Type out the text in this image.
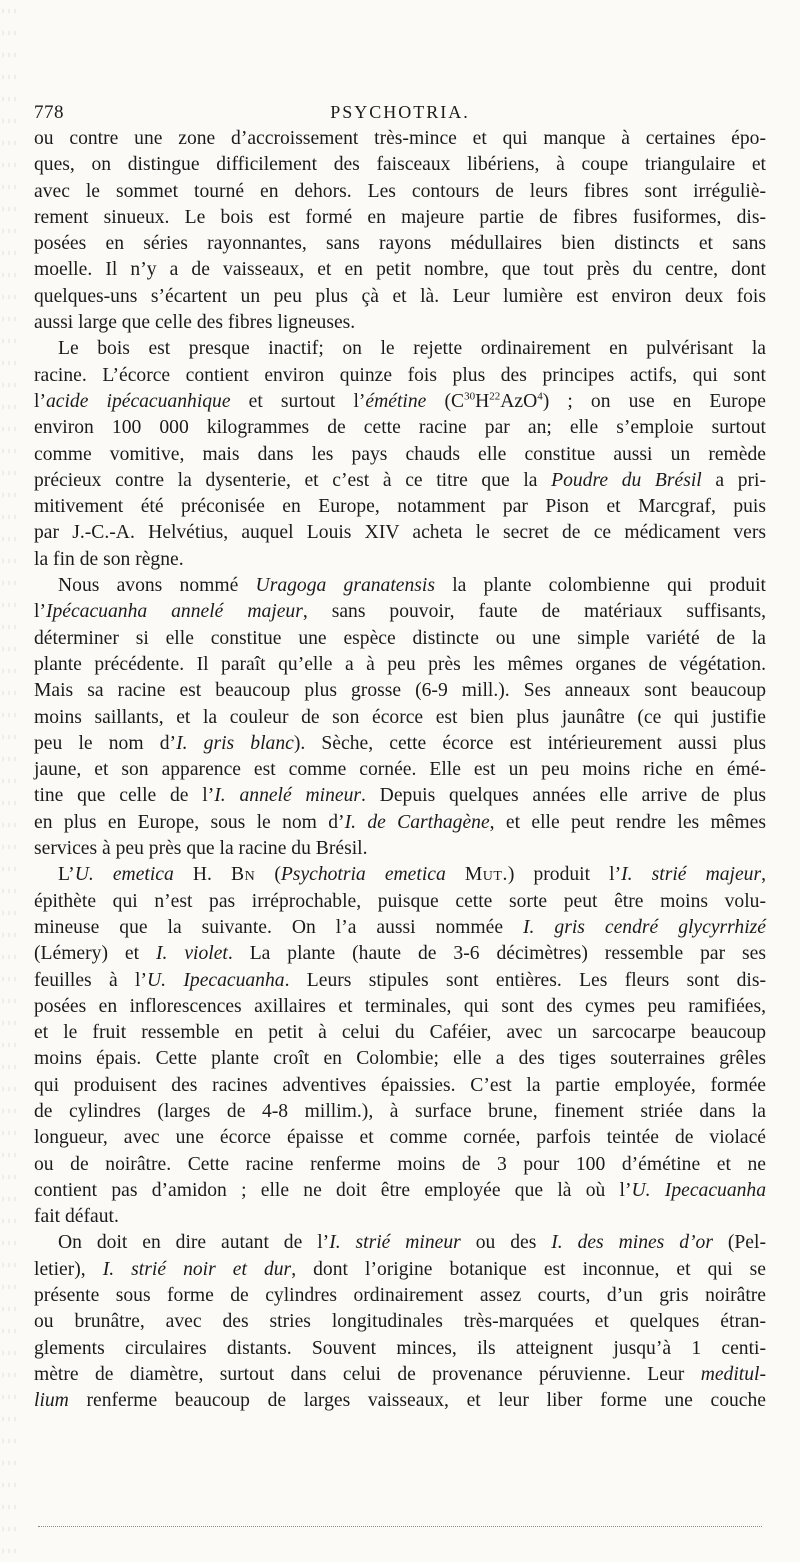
778	PSYCHOTRIA.
ou contre une zone d’accroissement très-mince et qui manque à certaines épo-
ques, on distingue difficilement des faisceaux libériens, à coupe triangulaire et
avec le sommet tourné en dehors. Les contours de leurs fibres sont irréguliè-
rement sinueux. Le bois est formé en majeure partie de fibres fusiformes, dis-
posées en séries rayonnantes, sans rayons médullaires bien distincts et sans
moelle. Il n’y a de vaisseaux, et en petit nombre, que tout près du centre, dont
quelques-uns s’écartent un peu plus çà et là. Leur lumière est environ deux fois
aussi large que celle des fibres ligneuses.
Le bois est presque inactif; on le rejette ordinairement en pulvérisant la
racine. L’écorce contient environ quinze fois plus des principes actifs, qui sont
l’acide ipécacuanhique et surtout l’émétine $(C^{30}H^{22}AzO^4)$ ; on use en Europe
environ 100 000 kilogrammes de cette racine par an; elle s’emploie surtout
comme vomitive, mais dans les pays chauds elle constitue aussi un remède
précieux contre la dysenterie, et c’est à ce titre que la Poudre du Brésil a pri-
mitivement été préconisée en Europe, notamment par Pison et Marcgraf, puis
par J.-C.-A. Helvétius, auquel Louis XIV acheta le secret de ce médicament vers
la fin de son règne.
Nous avons nommé Uragoga granatensis la plante colombienne qui produit
l’Ipécacuanha annelé majeur, sans pouvoir, faute de matériaux suffisants,
déterminer si elle constitue une espèce distincte ou une simple variété de la
plante précédente. Il paraît qu’elle a à peu près les mêmes organes de végétation.
Mais sa racine est beaucoup plus grosse (6-9 mill.). Ses anneaux sont beaucoup
moins saillants, et la couleur de son écorce est bien plus jaunâtre (ce qui justifie
peu le nom d’I. gris blanc). Sèche, cette écorce est intérieurement aussi plus
jaune, et son apparence est comme cornée. Elle est un peu moins riche en émé-
tine que celle de l’I. annelé mineur. Depuis quelques années elle arrive de plus
en plus en Europe, sous le nom d’I. de Carthagène, et elle peut rendre les mêmes
services à peu près que la racine du Brésil.
L’U. emetica H. Bn (Psychotria emetica Mut.) produit l’I. strié majeur,
épithète qui n’est pas irréprochable, puisque cette sorte peut être moins volu-
mineuse que la suivante. On l’a aussi nommée I. gris cendré glycyrrhizé
(Lémery) et I. violet. La plante (haute de 3-6 décimètres) ressemble par ses
feuilles à l’U. Ipecacuanha. Leurs stipules sont entières. Les fleurs sont dis-
posées en inflorescences axillaires et terminales, qui sont des cymes peu ramifiées,
et le fruit ressemble en petit à celui du Caféier, avec un sarcocarpe beaucoup
moins épais. Cette plante croît en Colombie; elle a des tiges souterraines grêles
qui produisent des racines adventives épaissies. C’est la partie employée, formée
de cylindres (larges de 4-8 millim.), à surface brune, finement striée dans la
longueur, avec une écorce épaisse et comme cornée, parfois teintée de violacé
ou de noirâtre. Cette racine renferme moins de 3 pour 100 d’émétine et ne
contient pas d’amidon ; elle ne doit être employée que là où l’U. Ipecacuanha
fait défaut.
On doit en dire autant de l’I. strié mineur ou des I. des mines d’or (Pel-
letier), I. strié noir et dur, dont l’origine botanique est inconnue, et qui se
présente sous forme de cylindres ordinairement assez courts, d’un gris noirâtre
ou brunâtre, avec des stries longitudinales très-marquées et quelques étran-
glements circulaires distants. Souvent minces, ils atteignent jusqu’à 1 centi-
mètre de diamètre, surtout dans celui de provenance péruvienne. Leur meditul-
lium renferme beaucoup de larges vaisseaux, et leur liber forme une couche
